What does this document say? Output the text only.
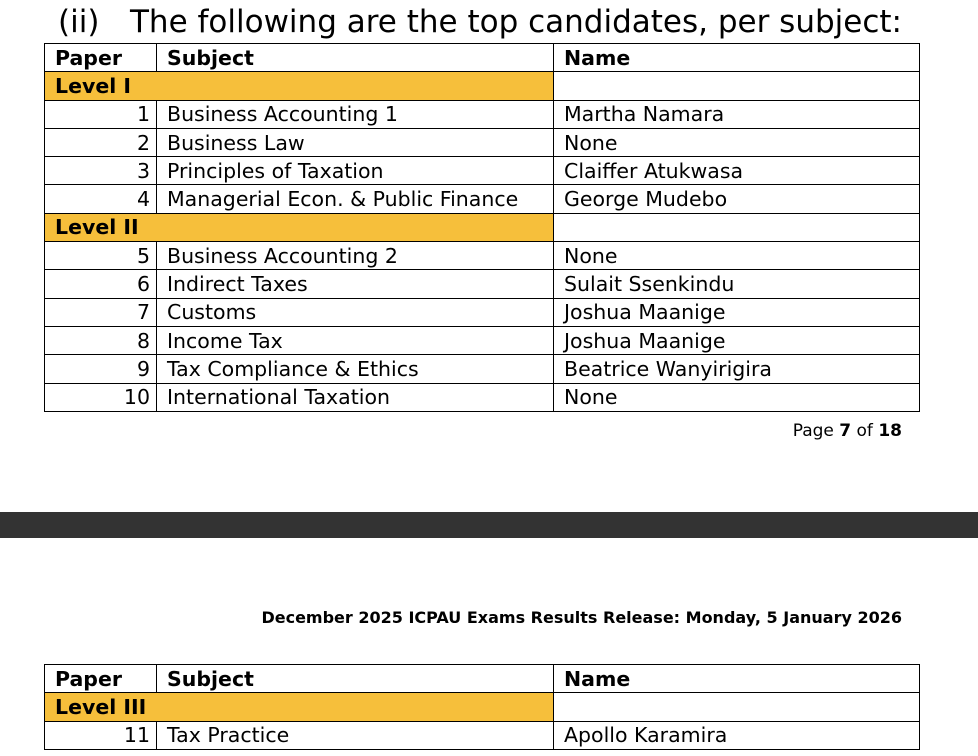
(ii) The following are the top candidates, per subject:
Paper	Subject	Name
Level I		
1	Business Accounting 1	Martha Namara
2	Business Law	None
3	Principles of Taxation	Claiffer Atukwasa
4	Managerial Econ. & Public Finance	George Mudebo
Level II		
5	Business Accounting 2	None
6	Indirect Taxes	Sulait Ssenkindu
7	Customs	Joshua Maanige
8	Income Tax	Joshua Maanige
9	Tax Compliance & Ethics	Beatrice Wanyirigira
10	International Taxation	None
Page 7 of 18
December 2025 ICPAU Exams Results Release: Monday, 5 January 2026
Paper	Subject	Name
Level III		
11	Tax Practice	Apollo Karamira
